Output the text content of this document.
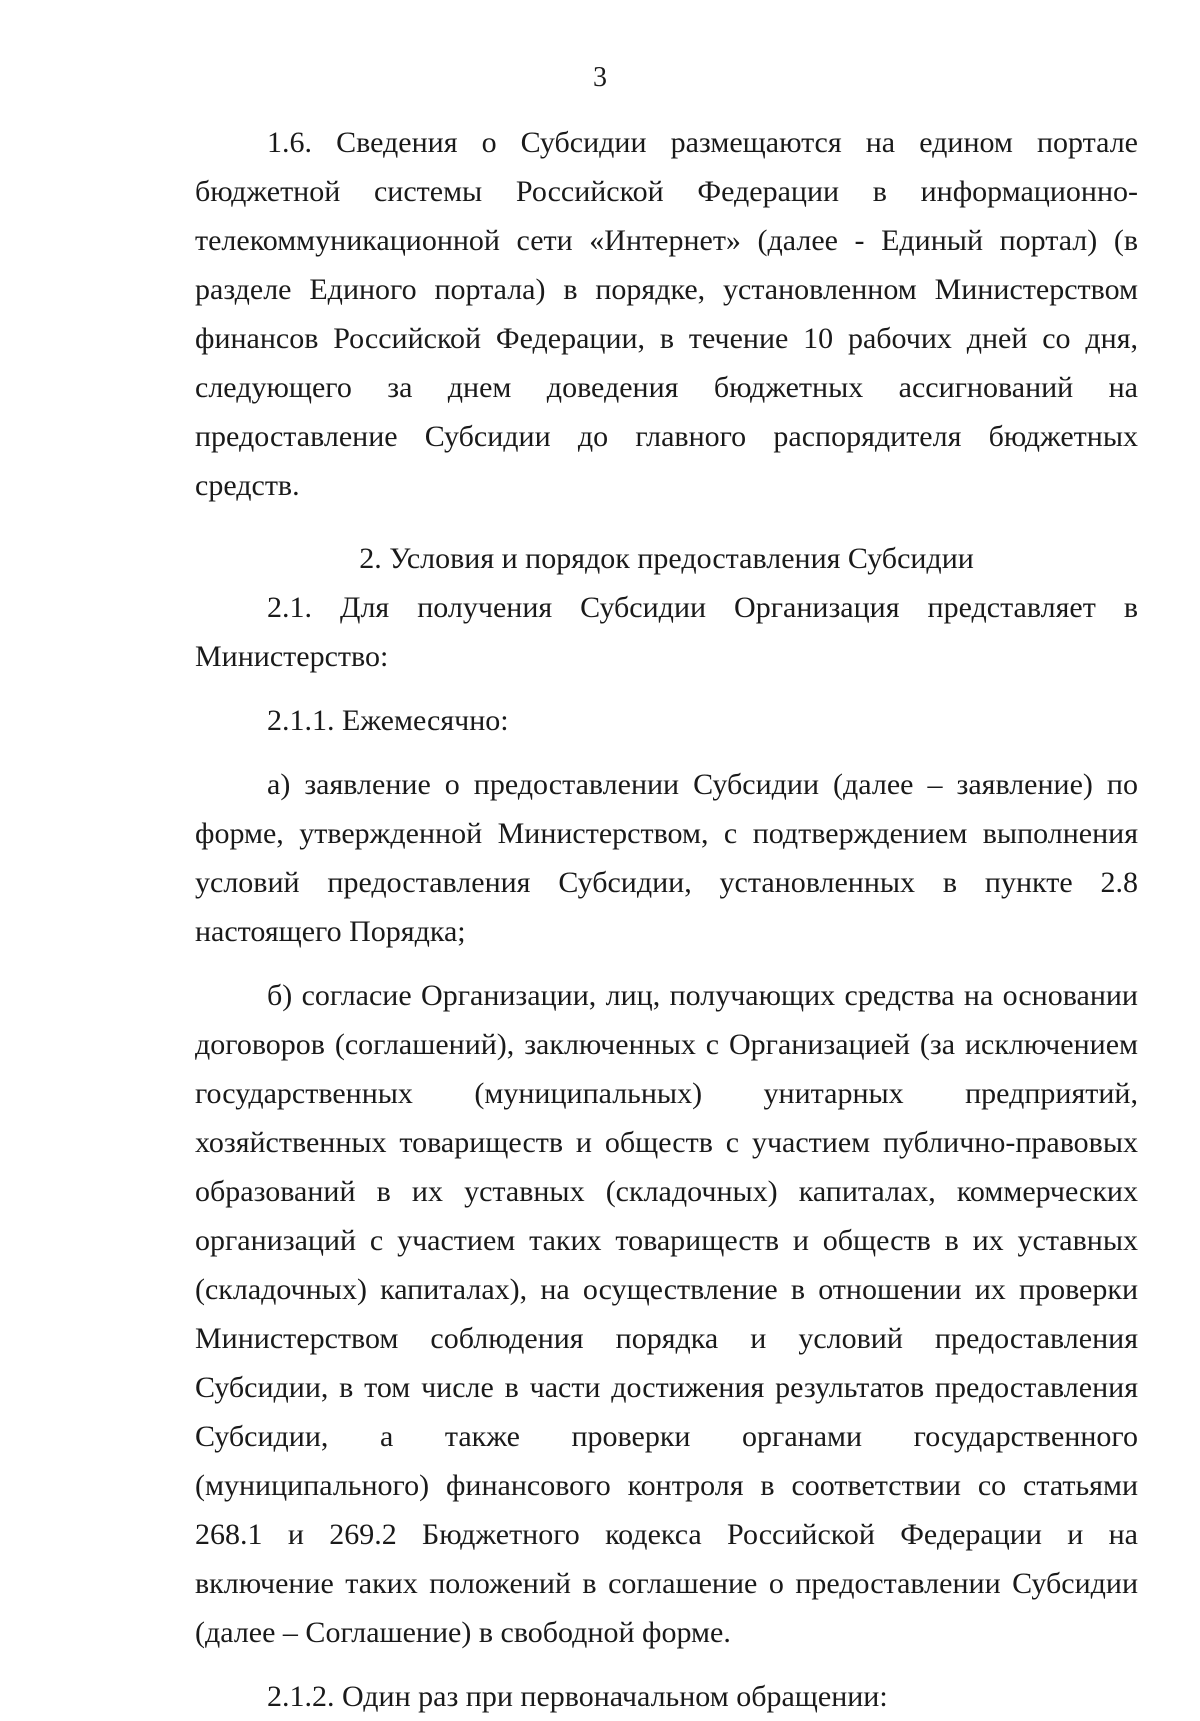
3

1.6. Сведения о Субсидии размещаются на едином портале бюджетной системы Российской Федерации в информационно-телекоммуникационной сети «Интернет» (далее - Единый портал) (в разделе Единого портала) в порядке, установленном Министерством финансов Российской Федерации, в течение 10 рабочих дней со дня, следующего за днем доведения бюджетных ассигнований на предоставление Субсидии до главного распорядителя бюджетных средств.

2. Условия и порядок предоставления Субсидии

2.1. Для получения Субсидии Организация представляет в
Министерство:

2.1.1. Ежемесячно:

а) заявление о предоставлении Субсидии (далее – заявление) по форме, утвержденной Министерством, с подтверждением выполнения условий предоставления Субсидии, установленных в пункте 2.8 настоящего Порядка;

б) согласие Организации, лиц, получающих средства на основании договоров (соглашений), заключенных с Организацией (за исключением государственных (муниципальных) унитарных предприятий, хозяйственных товариществ и обществ с участием публично-правовых образований в их уставных (складочных) капиталах, коммерческих организаций с участием таких товариществ и обществ в их уставных (складочных) капиталах), на осуществление в отношении их проверки Министерством соблюдения порядка и условий предоставления Субсидии, в том числе в части достижения результатов предоставления Субсидии, а также проверки органами государственного (муниципального) финансового контроля в соответствии со статьями 268.1 и 269.2 Бюджетного кодекса Российской Федерации и на включение таких положений в соглашение о предоставлении Субсидии (далее – Соглашение) в свободной форме.

2.1.2. Один раз при первоначальном обращении:
